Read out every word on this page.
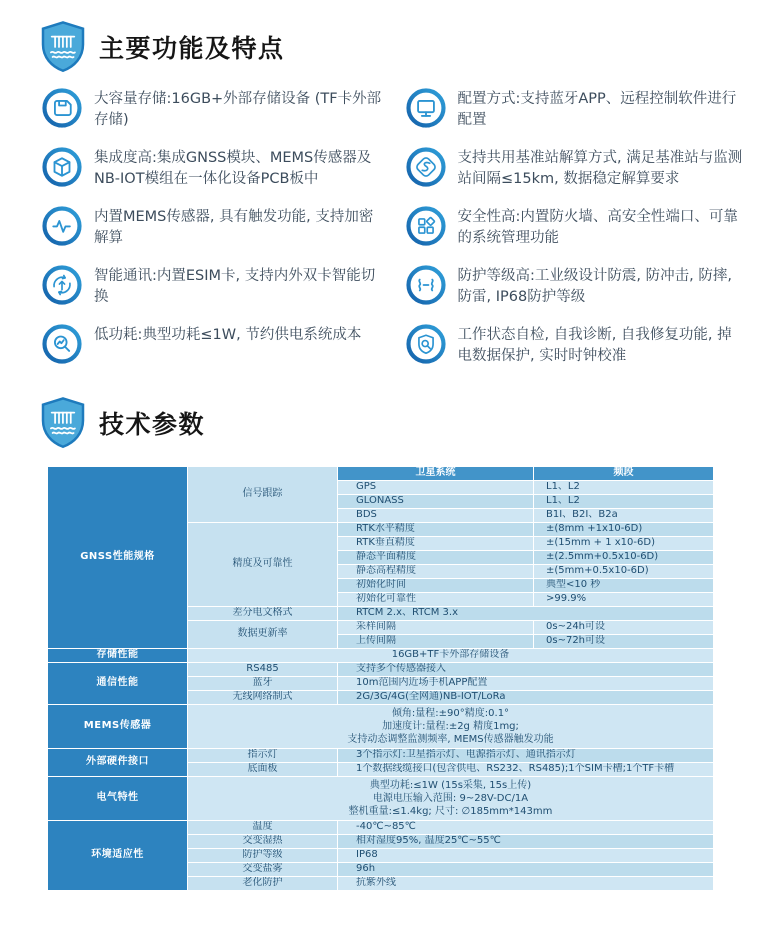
主要功能及特点
大容量存储:16GB+外部存储设备 (TF卡外部存储)
集成度高:集成GNSS模块、MEMS传感器及NB-IOT模组在一体化设备PCB板中
内置MEMS传感器, 具有触发功能, 支持加密解算
智能通讯:内置ESIM卡, 支持内外双卡智能切换
低功耗:典型功耗≤1W, 节约供电系统成本
配置方式:支持蓝牙APP、远程控制软件进行配置
支持共用基准站解算方式, 满足基准站与监测站间隔≤15km, 数据稳定解算要求
安全性高:内置防火墙、高安全性端口、可靠的系统管理功能
防护等级高:工业级设计防震, 防冲击, 防摔, 防雷, IP68防护等级
工作状态自检, 自我诊断, 自我修复功能, 掉电数据保护, 实时时钟校准
技术参数
GNSS性能规格	信号跟踪	卫星系统	频段
		GPS	L1、L2
		GLONASS	L1、L2
		BDS	B1I、B2I、B2a
	精度及可靠性	RTK水平精度	±(8mm +1x10-6D)
		RTK垂直精度	±(15mm + 1 x10-6D)
		静态平面精度	±(2.5mm+0.5x10-6D)
		静态高程精度	±(5mm+0.5x10-6D)
		初始化时间	典型<10 秒
		初始化可靠性	>99.9%
	差分电文格式	RTCM 2.x、RTCM 3.x	
	数据更新率	采样间隔	0s~24h可设
		上传间隔	0s~72h可设
存储性能	16GB+TF卡外部存储设备		
通信性能	RS485	支持多个传感器接入	
	蓝牙	10m范围内近场手机APP配置	
	无线网络制式	2G/3G/4G(全网通)NB-IOT/LoRa	
MEMS传感器	倾角:量程:±90°精度:0.1°
加速度计:量程:±2g 精度1mg;
支持动态调整监测频率, MEMS传感器触发功能		

外部硬件接口	指示灯	3个指示灯:卫星指示灯、电源指示灯、通讯指示灯	
	底面板	1个数据线缆接口(包含供电、RS232、RS485);1个SIM卡槽;1个TF卡槽	
电气特性	典型功耗:≤1W (15s采集, 15s上传)
电源电压输入范围: 9~28V-DC/1A
整机重量:≤1.4kg; 尺寸: ∅185mm*143mm		

环境适应性	温度	-40℃~85℃	
	交变湿热	相对湿度95%, 温度25℃~55℃	
	防护等级	IP68	
	交变盐雾	96h	
	老化防护	抗紫外线	
